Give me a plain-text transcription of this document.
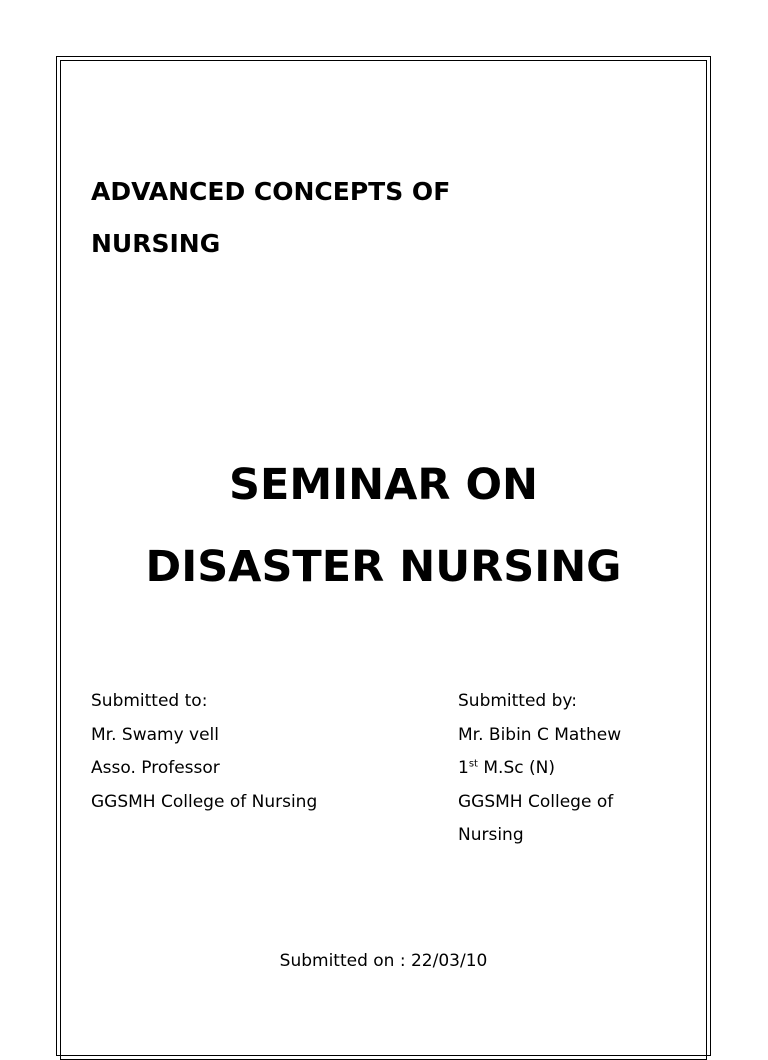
ADVANCED CONCEPTS OF
NURSING
SEMINAR ON
DISASTER NURSING
Submitted to:
Mr. Swamy vell
Asso. Professor
GGSMH College of Nursing
Submitted by:
Mr. Bibin C Mathew
1st M.Sc (N)
GGSMH College of
Nursing
Submitted on : 22/03/10
